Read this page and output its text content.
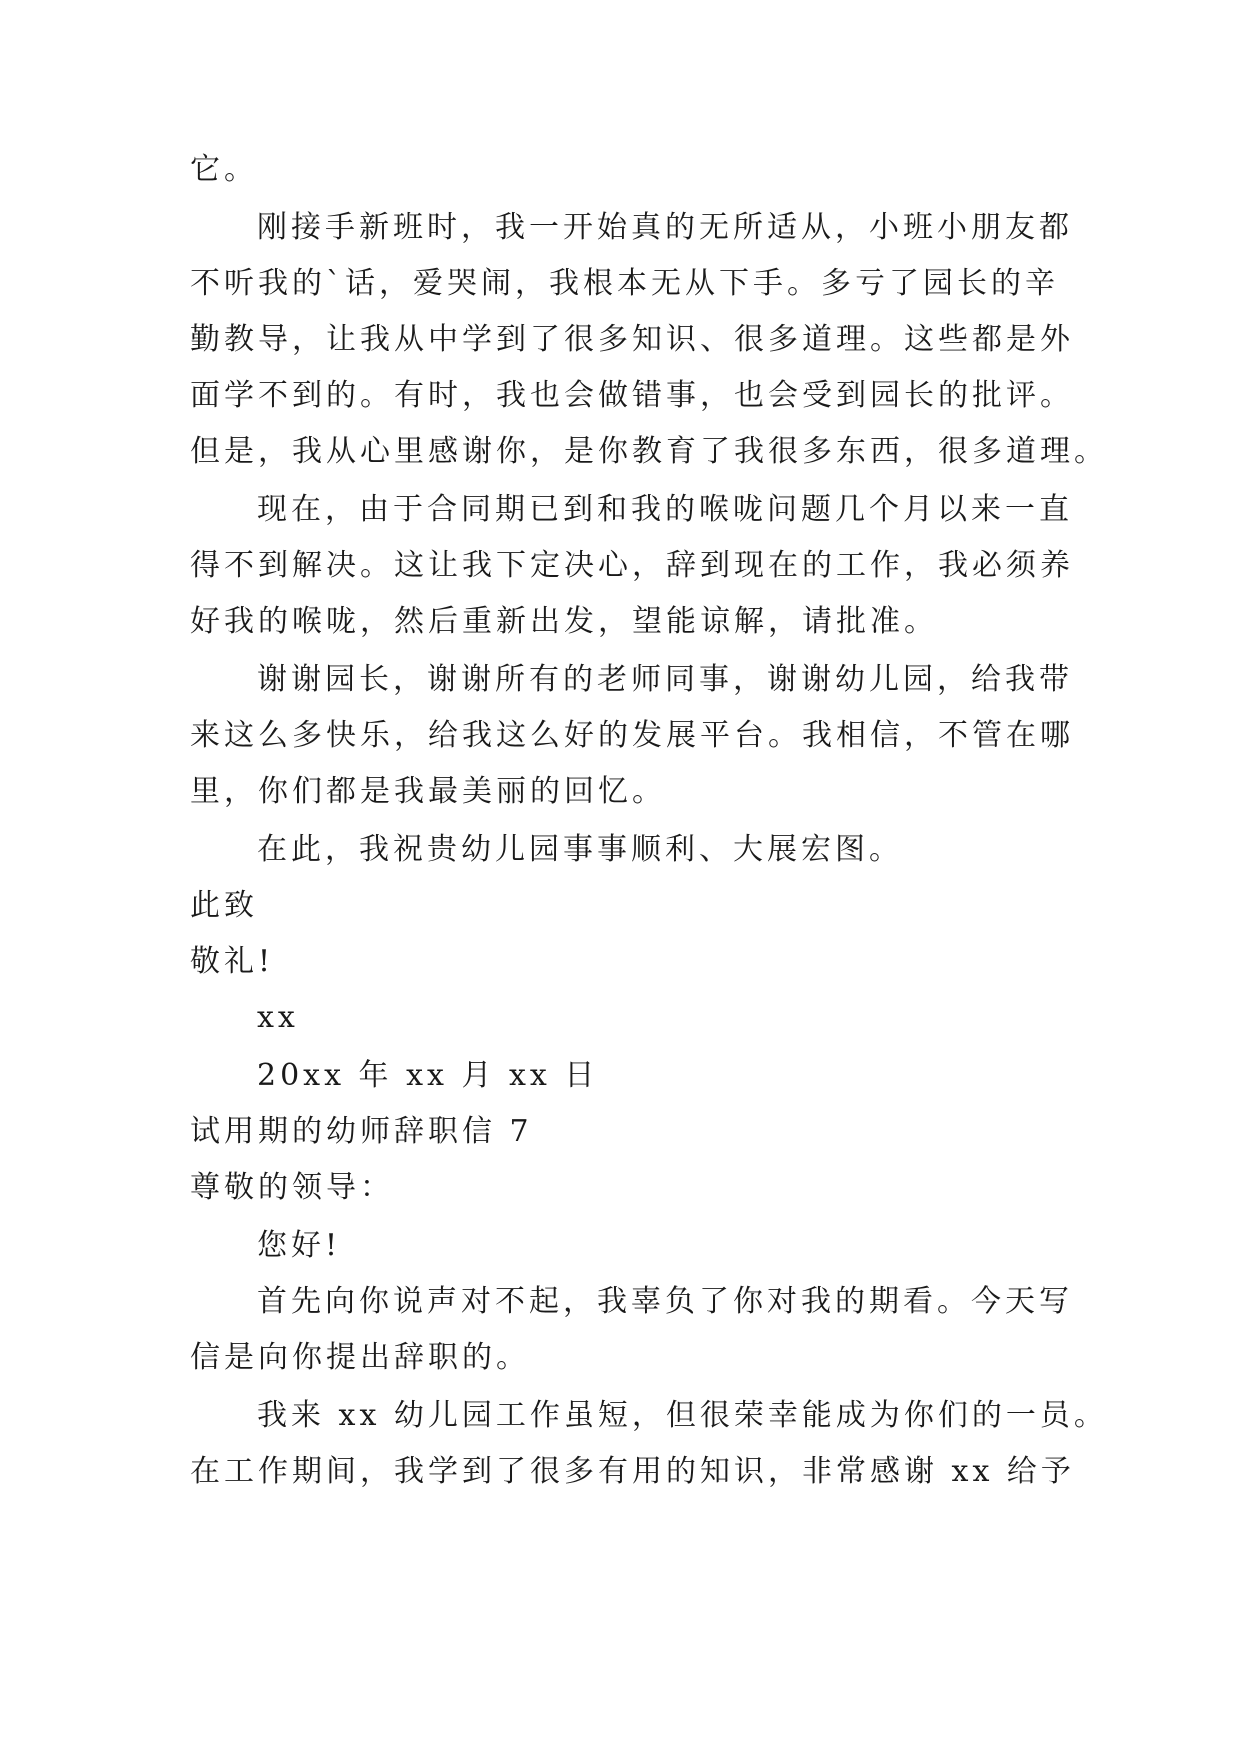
它。

刚接手新班时，我一开始真的无所适从，小班小朋友都

不听我的`话，爱哭闹，我根本无从下手。多亏了园长的辛

勤教导，让我从中学到了很多知识、很多道理。这些都是外

面学不到的。有时，我也会做错事，也会受到园长的批评。

但是，我从心里感谢你，是你教育了我很多东西，很多道理。

现在，由于合同期已到和我的喉咙问题几个月以来一直

得不到解决。这让我下定决心，辞到现在的工作，我必须养

好我的喉咙，然后重新出发，望能谅解，请批准。

谢谢园长，谢谢所有的老师同事，谢谢幼儿园，给我带

来这么多快乐，给我这么好的发展平台。我相信，不管在哪

里，你们都是我最美丽的回忆。

在此，我祝贵幼儿园事事顺利、大展宏图。

此致

敬礼!

xx

20xx 年 xx 月 xx 日

试用期的幼师辞职信 7

尊敬的领导：

您好!

首先向你说声对不起，我辜负了你对我的期看。今天写

信是向你提出辞职的。

我来 xx 幼儿园工作虽短，但很荣幸能成为你们的一员。

在工作期间，我学到了很多有用的知识，非常感谢 xx 给予
